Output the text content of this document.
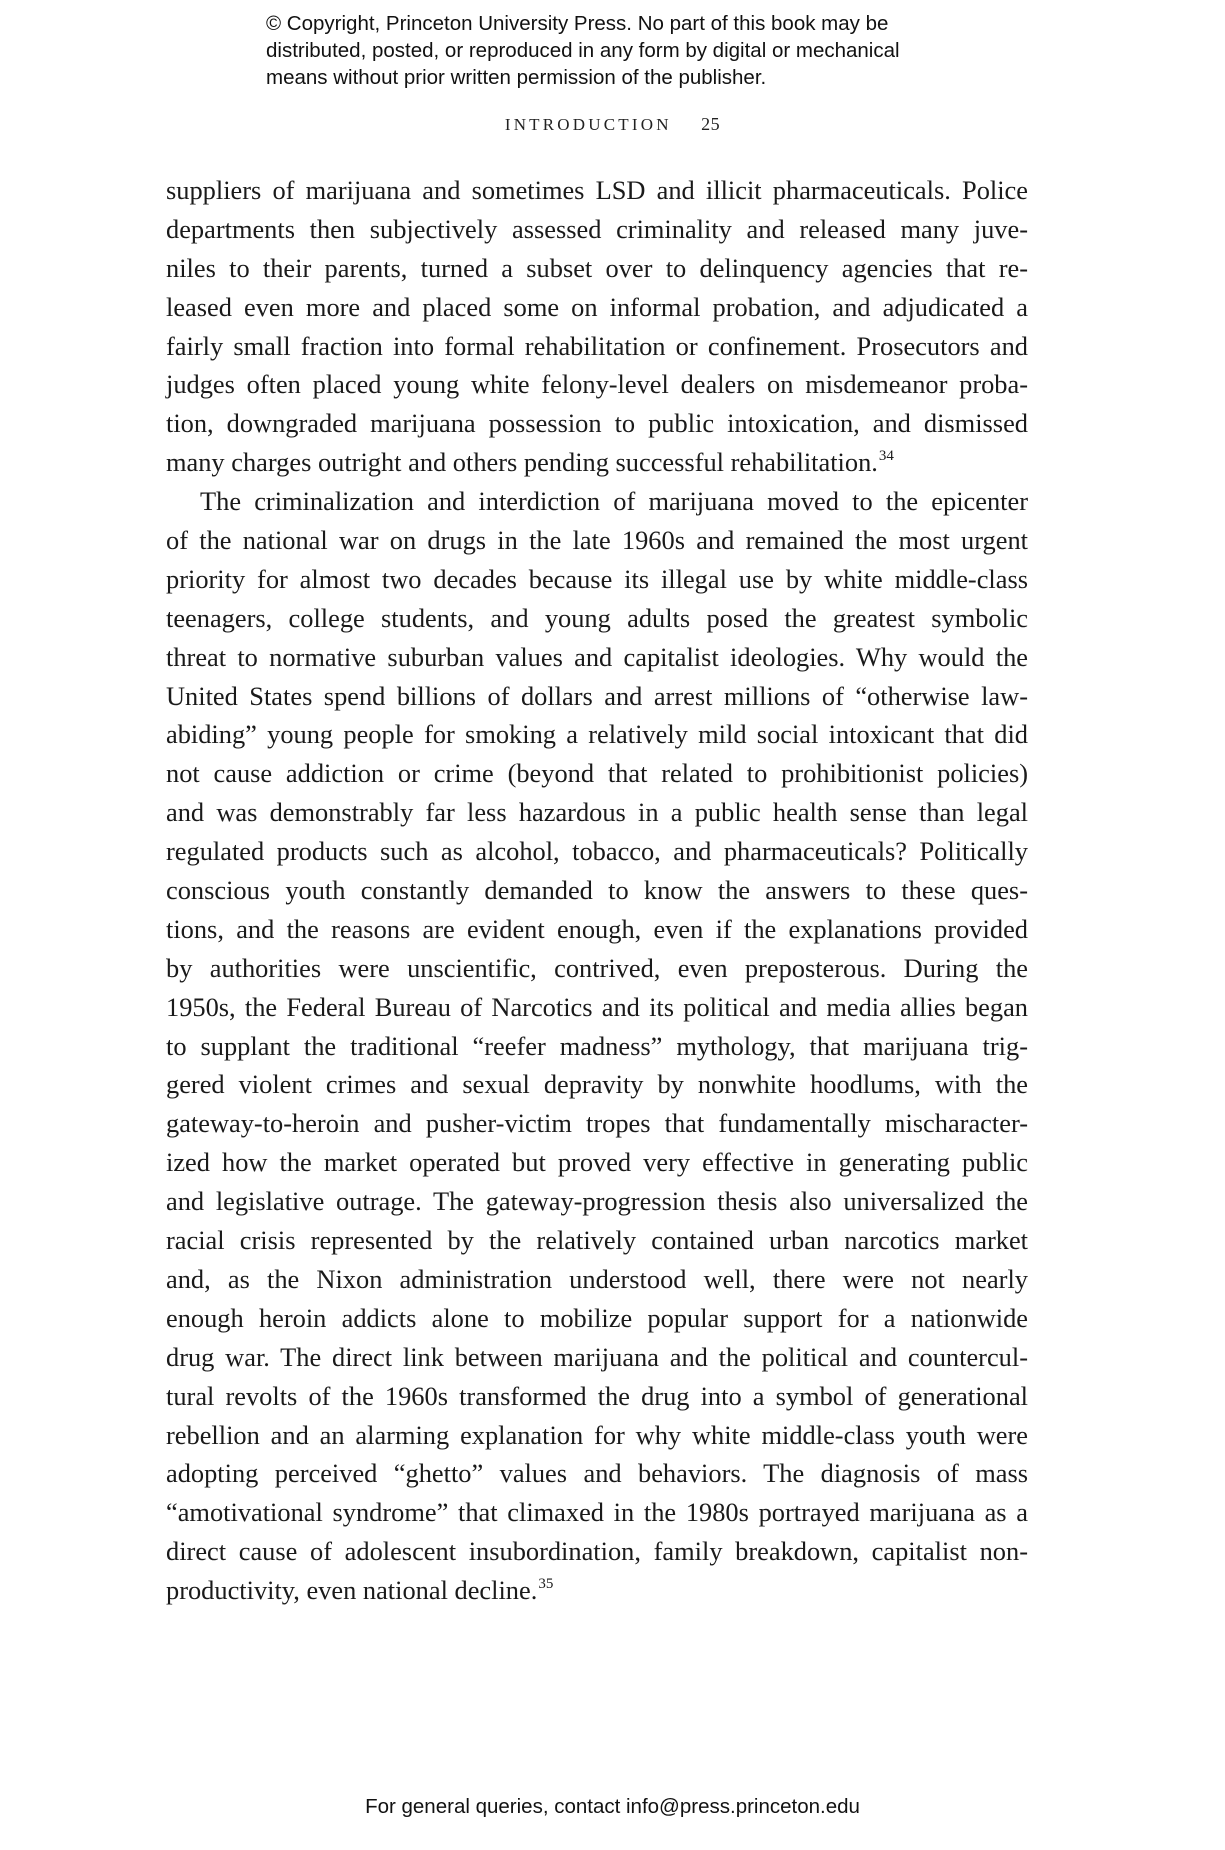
© Copyright, Princeton University Press. No part of this book may be
distributed, posted, or reproduced in any form by digital or mechanical
means without prior written permission of the publisher.
INTRODUCTION 25
suppliers of marijuana and sometimes LSD and illicit pharmaceuticals. Police
departments then subjectively assessed criminality and released many juve-
niles to their parents, turned a subset over to delinquency agencies that re-
leased even more and placed some on informal probation, and adjudicated a
fairly small fraction into formal rehabilitation or confinement. Prosecutors and
judges often placed young white felony-level dealers on misdemeanor proba-
tion, downgraded marijuana possession to public intoxication, and dismissed
many charges outright and others pending successful rehabilitation.$^{34}$
The criminalization and interdiction of marijuana moved to the epicenter
of the national war on drugs in the late 1960s and remained the most urgent
priority for almost two decades because its illegal use by white middle-class
teenagers, college students, and young adults posed the greatest symbolic
threat to normative suburban values and capitalist ideologies. Why would the
United States spend billions of dollars and arrest millions of “otherwise law-
abiding” young people for smoking a relatively mild social intoxicant that did
not cause addiction or crime (beyond that related to prohibitionist policies)
and was demonstrably far less hazardous in a public health sense than legal
regulated products such as alcohol, tobacco, and pharmaceuticals? Politically
conscious youth constantly demanded to know the answers to these ques-
tions, and the reasons are evident enough, even if the explanations provided
by authorities were unscientific, contrived, even preposterous. During the
1950s, the Federal Bureau of Narcotics and its political and media allies began
to supplant the traditional “reefer madness” mythology, that marijuana trig-
gered violent crimes and sexual depravity by nonwhite hoodlums, with the
gateway-to-heroin and pusher-victim tropes that fundamentally mischaracter-
ized how the market operated but proved very effective in generating public
and legislative outrage. The gateway-progression thesis also universalized the
racial crisis represented by the relatively contained urban narcotics market
and, as the Nixon administration understood well, there were not nearly
enough heroin addicts alone to mobilize popular support for a nationwide
drug war. The direct link between marijuana and the political and countercul-
tural revolts of the 1960s transformed the drug into a symbol of generational
rebellion and an alarming explanation for why white middle-class youth were
adopting perceived “ghetto” values and behaviors. The diagnosis of mass
“amotivational syndrome” that climaxed in the 1980s portrayed marijuana as a
direct cause of adolescent insubordination, family breakdown, capitalist non-
productivity, even national decline.$^{35}$
For general queries, contact info@press.princeton.edu
